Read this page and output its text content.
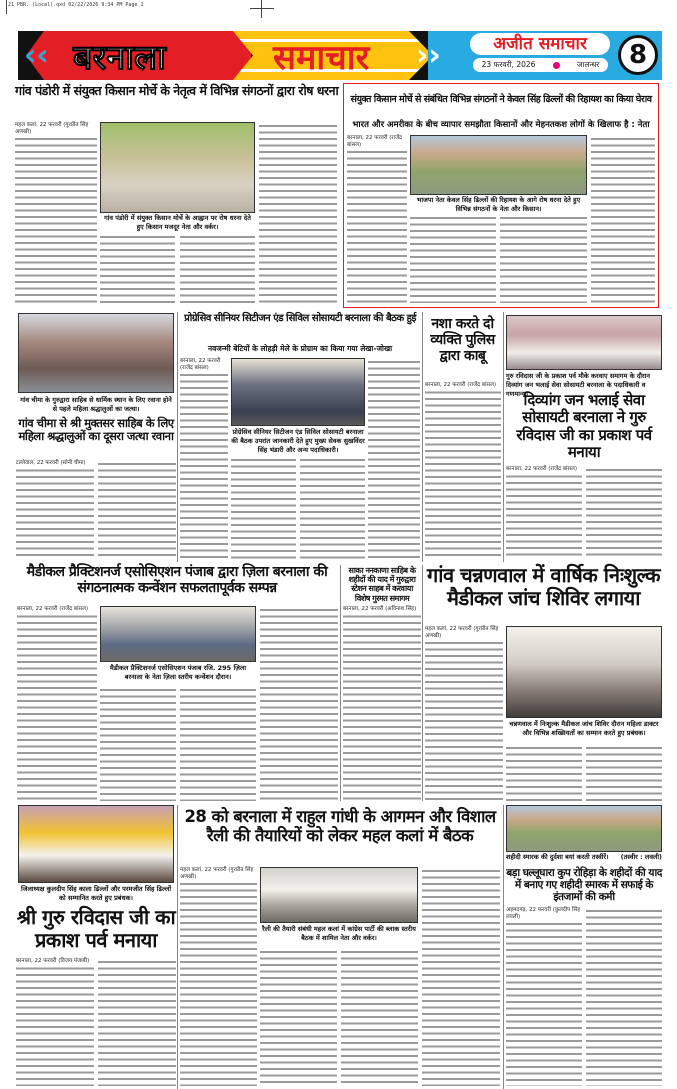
21 PBR. (Local).qxd 02/22/2026 9:34 PM Page 1
‹‹	››
बरनाला	समाचार	अजीत समाचार
23 फरवरी, 2026	जालन्धर	8
गांव पंडोरी में संयुक्त किसान मोर्चे के नेतृत्व में विभिन्न संगठनों द्वारा रोष धरना
महल कलां, 22 फरवरी (गुरप्रीत सिंह अणखी)
गांव पंडोरी में संयुक्त किसान मोर्चे के आह्वान पर रोष धरना देते हुए किसान मजदूर नेता और वर्कर।
संयुक्त किसान मोर्चे से संबंधित विभिन्न संगठनों ने केवल सिंह ढिल्लों की रिहायश का किया घेराव
भारत और अमरीका के बीच व्यापार समझौता किसानों और मेहनतकश लोगों के खिलाफ है : नेता
बरनाला, 22 फरवरी (राजेंद्र बांसल)
भाजपा नेता केवल सिंह ढिल्लों की रिहायश के आगे रोष धरना देते हुए विभिन्न संगठनों के नेता और किसान।
गांव चीमा के गुरुद्वारा साहिब से धार्मिक स्थान के लिए रवाना होने से पहले महिला श्रद्धालुओं का जत्था।
गांव चीमा से श्री मुक्तसर साहिब के लिए महिला श्रद्धालुओं का दूसरा जत्था रवाना
टल्लेवाल, 22 फरवरी (सोनी चीमा)
प्रोग्रेसिव सीनियर सिटीजन एंड सिविल सोसायटी बरनाला की बैठक हुई
नवजन्मी बेटियों के लोहड़ी मेले के प्रोग्राम का किया गया लेखा-जोखा
बरनाला, 22 फरवरी (राजेंद्र बांसल)
प्रोग्रेसिव सीनियर सिटीजन एंड सिविल सोसायटी बरनाला की बैठक उपरांत जानकारी देते हुए मुख्य सेवक सुखविंदर सिंह भंडारी और अन्य पदाधिकारी।
नशा करते दो व्यक्ति पुलिस द्वारा काबू
बरनाला, 22 फरवरी (राजेंद्र बांसल)
गुरु रविदास जी के प्रकाश पर्व मौके करवाए समागम के दौरान दिव्यांग जन भलाई सेवा सोसायटी बरनाला के पदाधिकारी व गणमान्य।
दिव्यांग जन भलाई सेवा सोसायटी बरनाला ने गुरु रविदास जी का प्रकाश पर्व मनाया
बरनाला, 22 फरवरी (राजेंद्र बांसल)
मैडीकल प्रैक्टिशनर्ज एसोसिएशन पंजाब द्वारा ज़िला बरनाला की संगठनात्मक कन्वेंशन सफलतापूर्वक सम्पन्न
बरनाला, 22 फरवरी (राजेंद्र बांसल)
मैडीकल प्रैक्टिशनर्ज एसोसिएशन पंजाब रजि. 295 ज़िला बरनाला के नेता ज़िला स्तरीय कन्वेंशन दौरान।
साका ननकाणा साहिब के शहीदों की याद में गुरुद्वारा स्टेशन साहब में करवाया विशेष गुरमत समागम
बरनाला, 22 फरवरी (अविनाश सिंह)
गांव चन्नणवाल में वार्षिक निःशुल्क मैडीकल जांच शिविर लगाया
महल कलां, 22 फरवरी (गुरप्रीत सिंह अणखी)
चन्नणवाल में निःशुल्क मैडीकल जांच शिविर दौरान महिला डाक्टर और विभिन्न शख्सियतों का सम्मान करते हुए प्रबंधक।
जिलाध्यक्ष कुलदीप सिंह काला ढिल्लों और परमजीत सिंह ढिल्लों को सम्मानित करते हुए प्रबंधक।
श्री गुरु रविदास जी का प्रकाश पर्व मनाया
बरनाला, 22 फरवरी (विजय पंजाबी)
28 को बरनाला में राहुल गांधी के आगमन और विशाल रैली की तैयारियों को लेकर महल कलां में बैठक
महल कलां, 22 फरवरी (गुरप्रीत सिंह अणखी)
रैली की तैयारी संबंधी महल कलां में कांग्रेस पार्टी की ब्लाक स्तरीय बैठक में शामिल नेता और वर्कर।
शहीदी स्मारक की दुर्दशा बयां करती तस्वीरें।	(तस्वीर : लवली)
बड़ा घल्लूघारा कुप रोहिड़ा के शहीदों की याद में बनाए गए शहीदी स्मारक में सफाई के इंतजामों की कमी
अहमदगढ़, 22 फरवरी (कुलदीप सिंह लवली)
